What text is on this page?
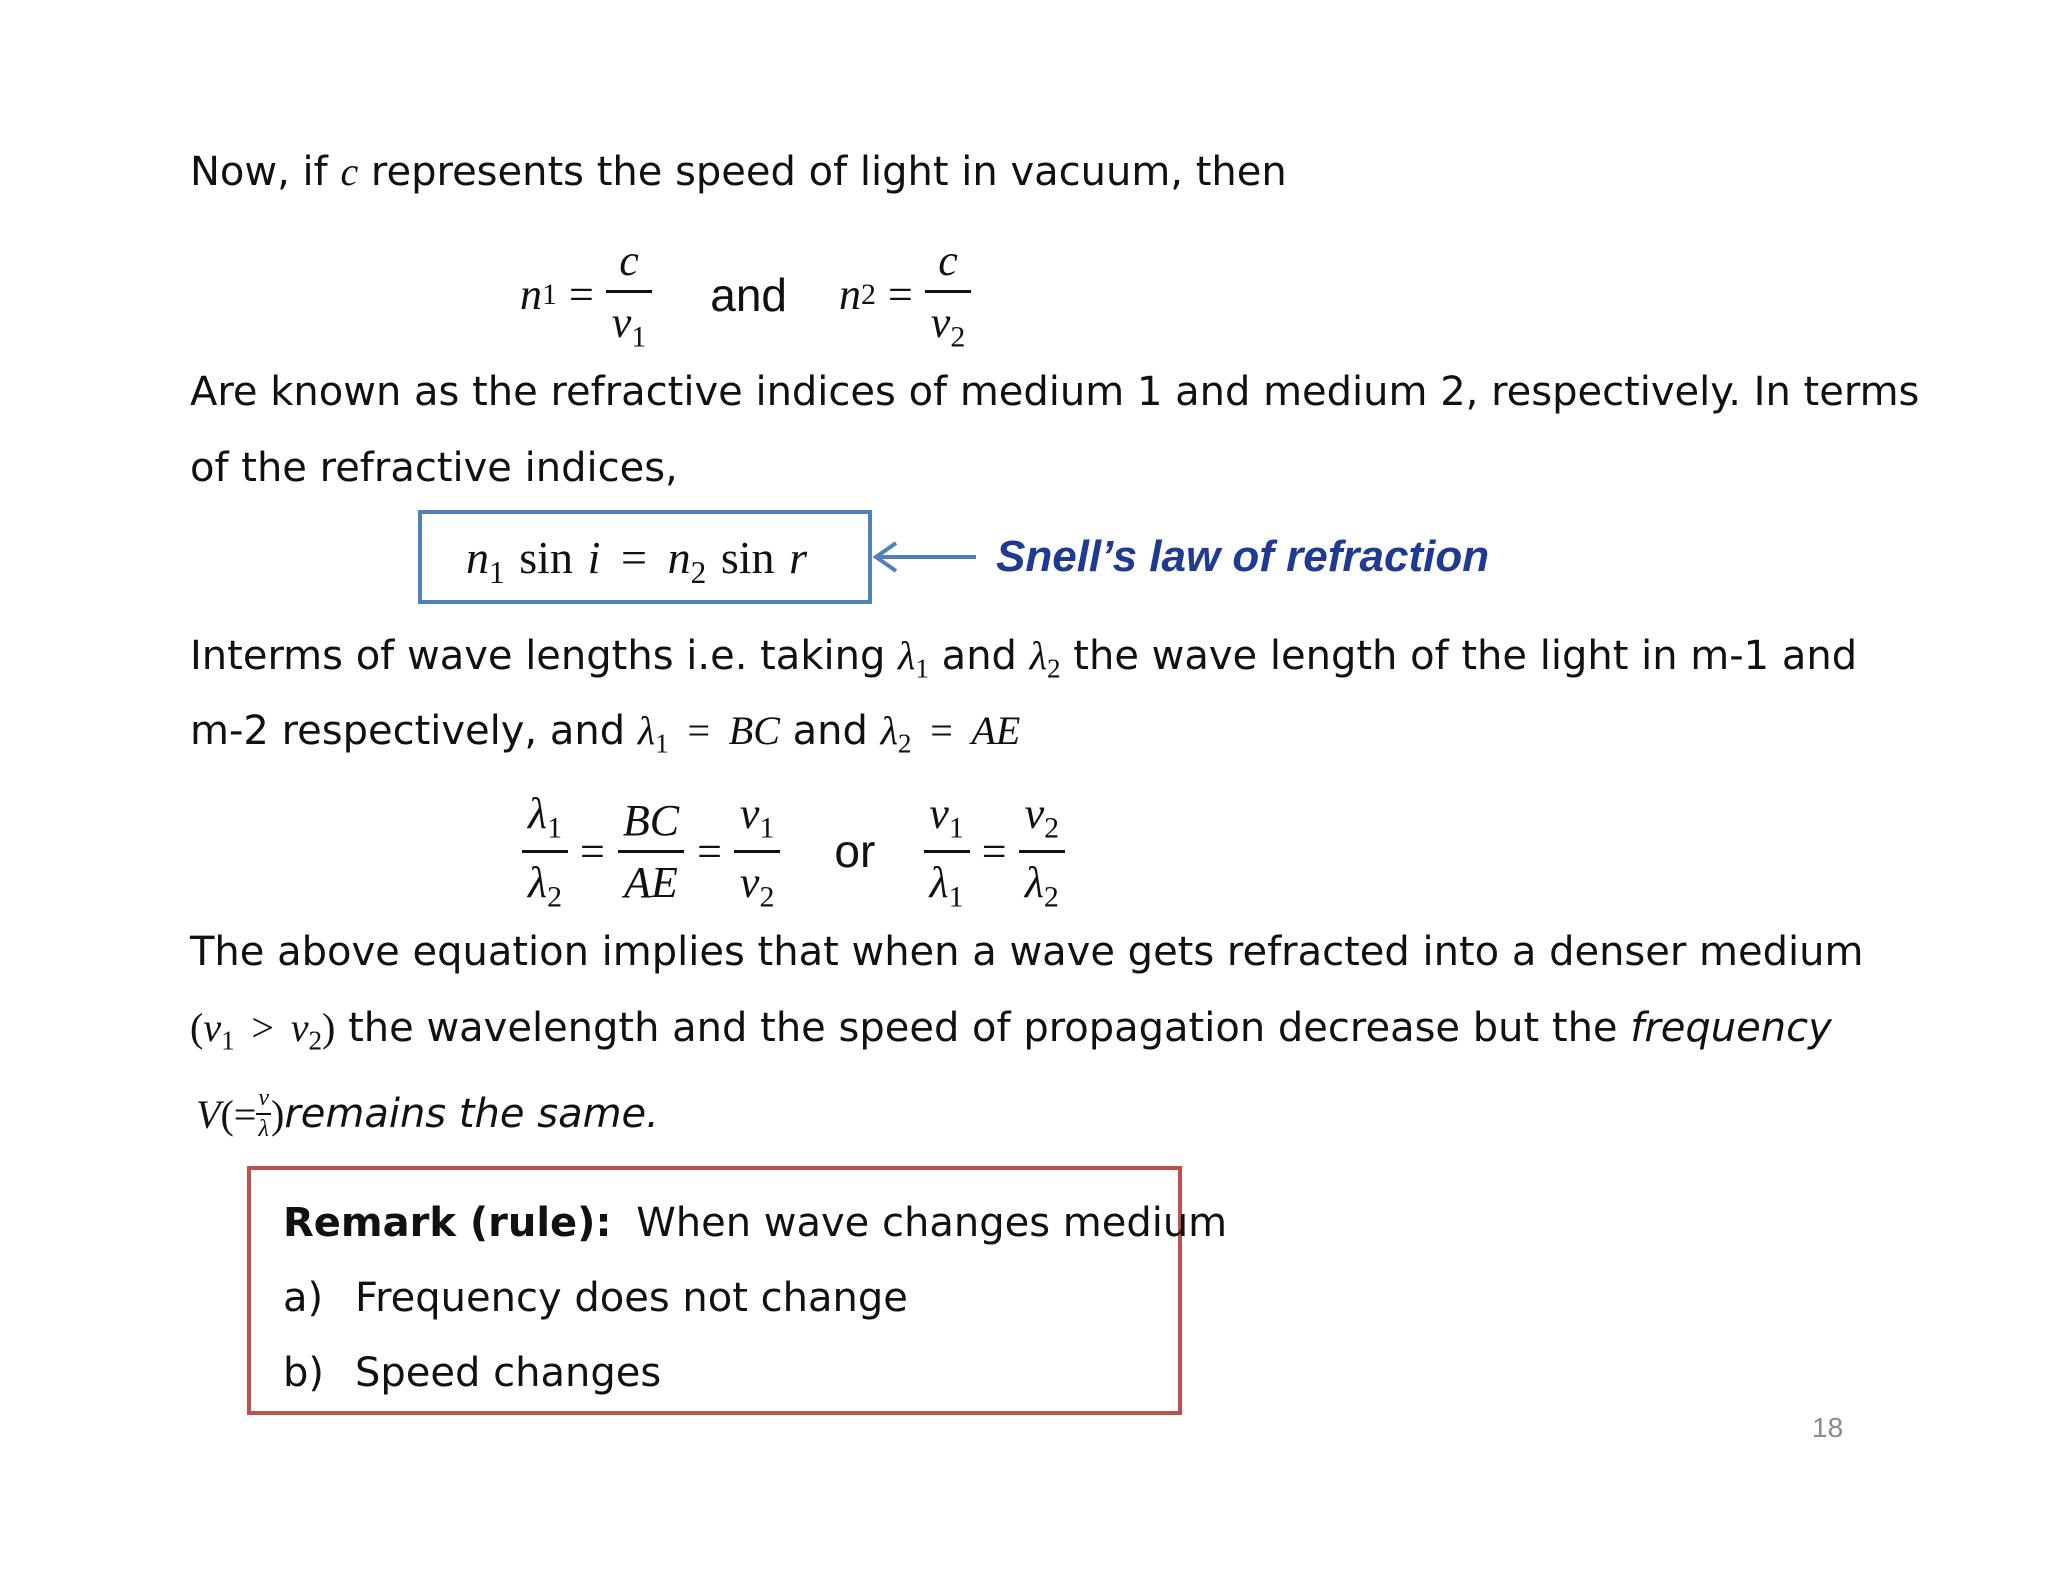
Now, if c represents the speed of light in vacuum, then
n $1 = \frac{c}{v_1}$ and n $2 = \frac{c}{v_2}$
Are known as the refractive indices of medium 1 and medium 2, respectively. In terms
of the refractive indices,
$n_1$ $\sin i = n_2$ sin r	Snell’s law of refraction
Interms of wave lengths i.e. taking $\lambda_1$ and $\lambda_2$ the wave length of the light in m-1 and
m-2 respectively, and $\lambda_1$ = BC and $\lambda_2$ = AE
$\frac{\lambda_1}{\lambda_2} = \frac{BC}{AE} = \frac{v_1}{v_2}$ or $\frac{v_1}{\lambda_1} = \frac{v_2}{\lambda_2}$
The above equation implies that when a wave gets refracted into a denser medium
$(v_1 > v_2)$ the wavelength and the speed of propagation decrease but the frequency
V ( = $\frac{v}{\lambda}$ ) remains the same.
Remark (rule): When wave changes medium
a) Frequency does not change
b) Speed changes
18
